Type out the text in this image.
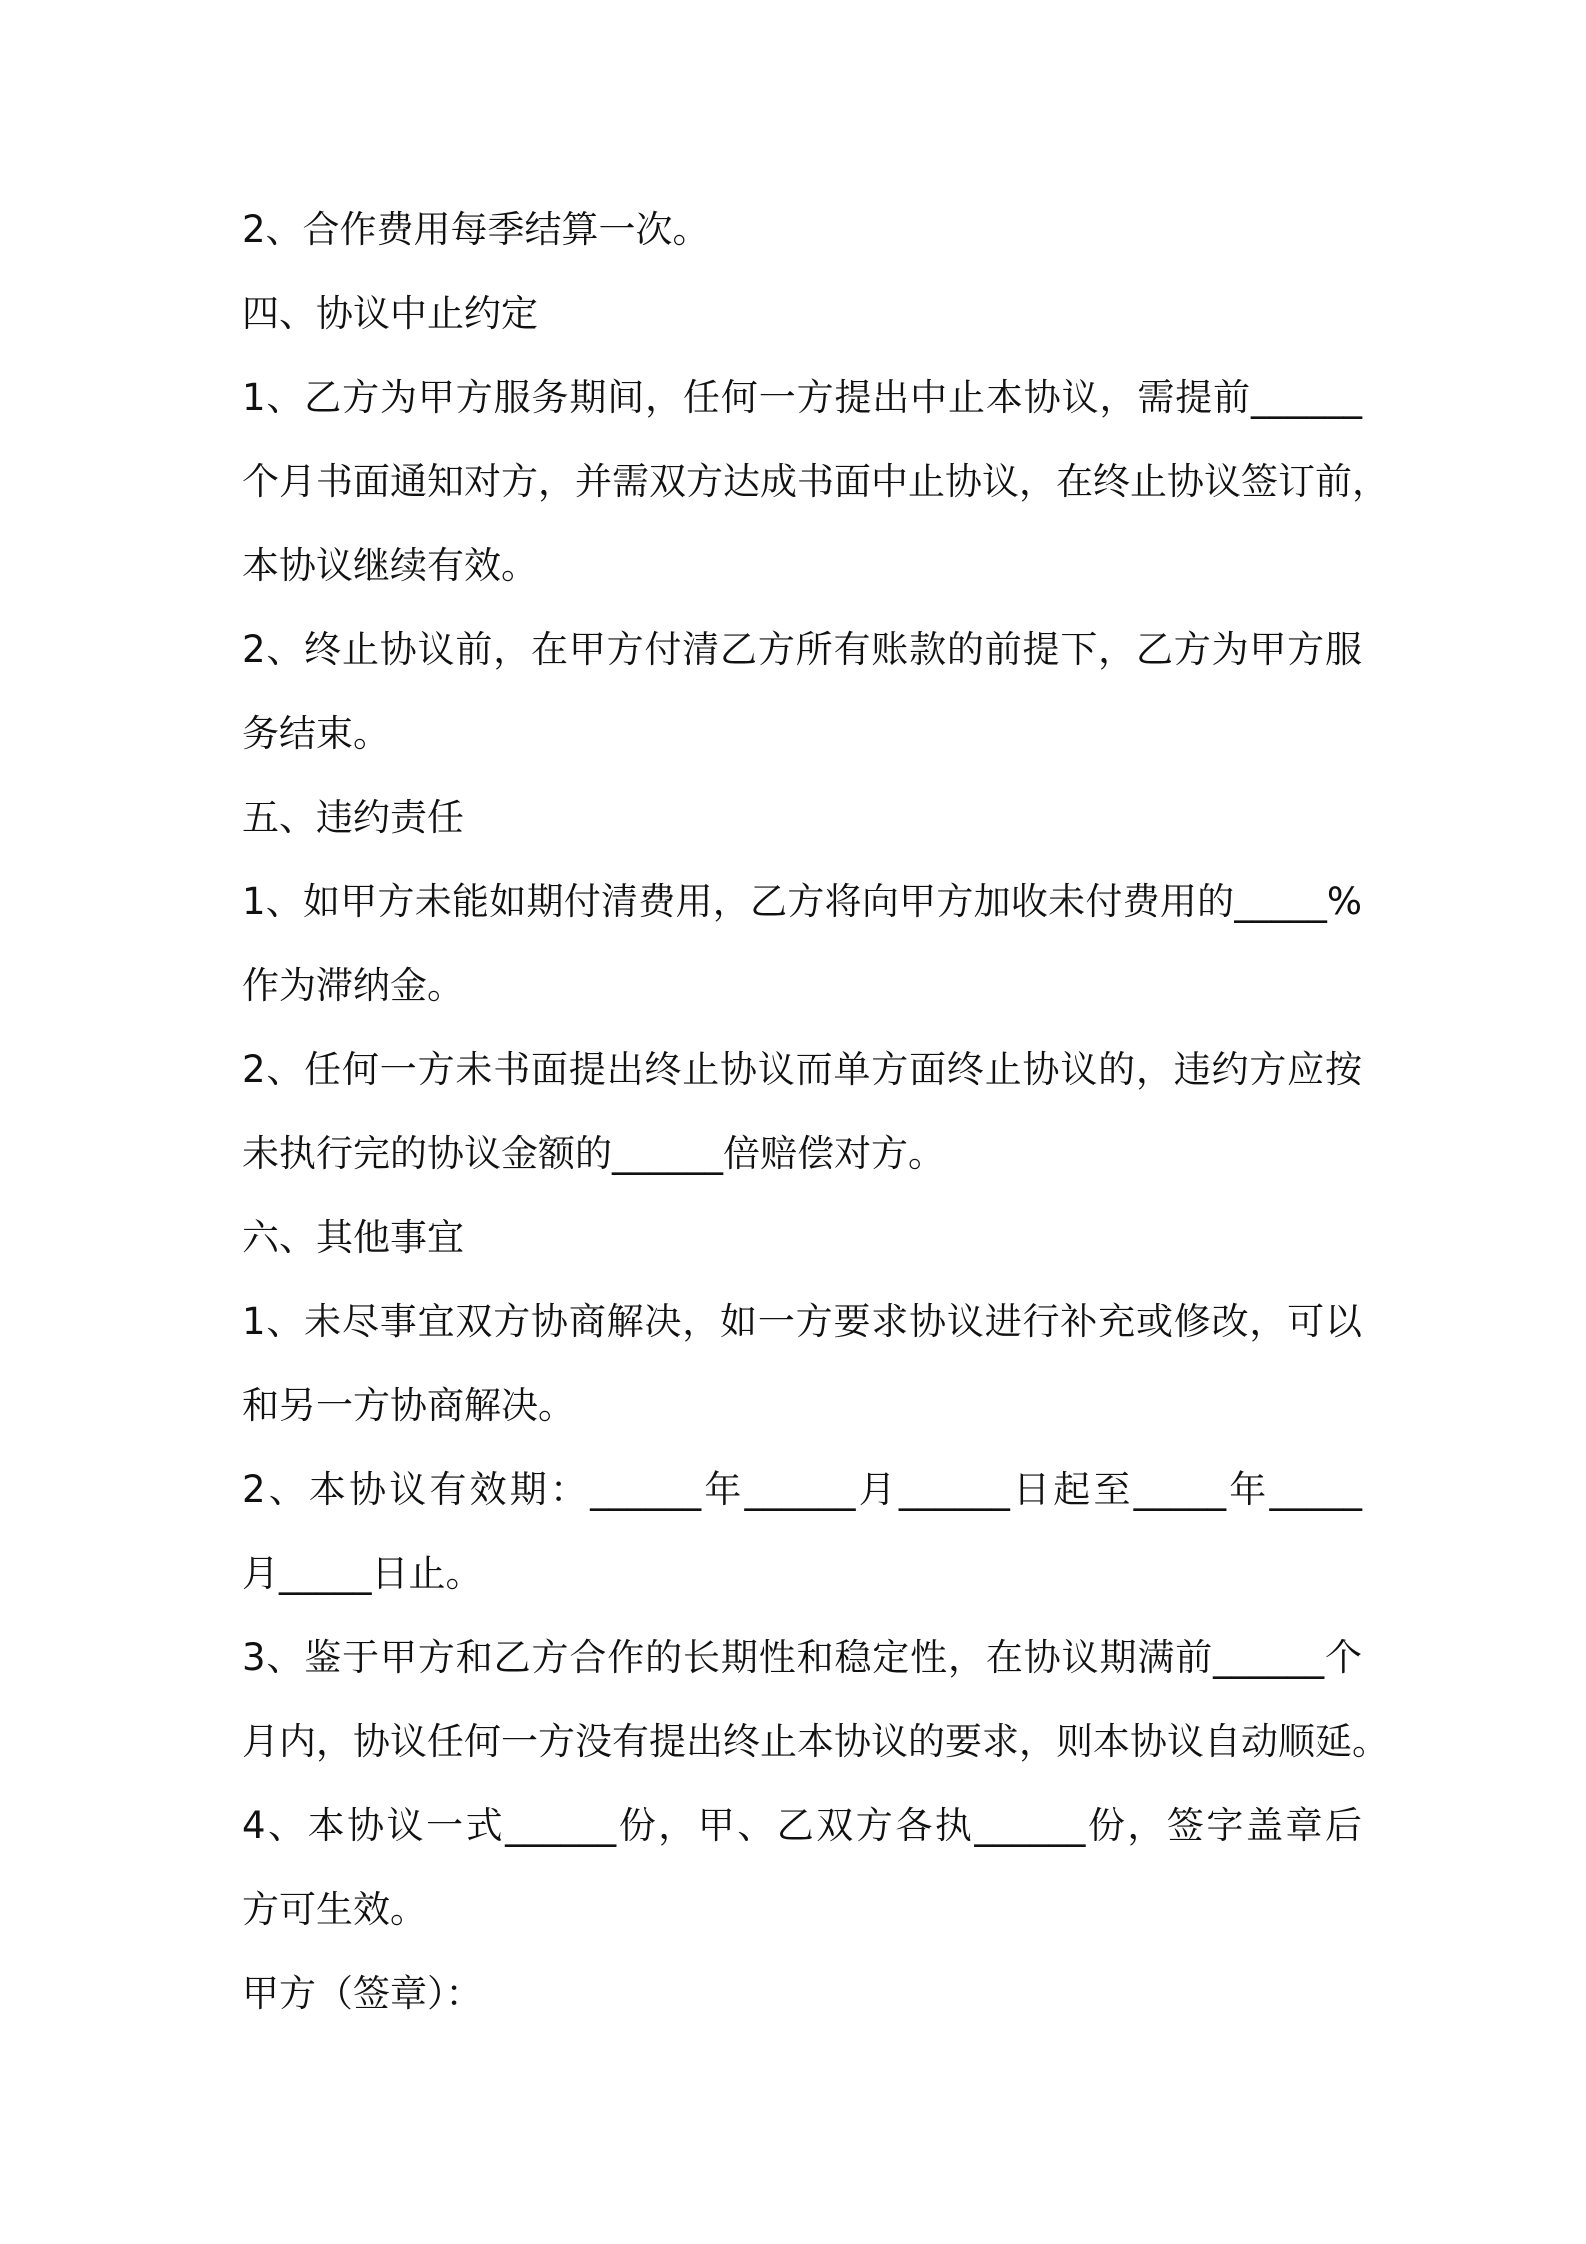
2、合作费用每季结算一次。
四、协议中止约定
1、乙方为甲方服务期间，任何一方提出中止本协议，需提前______
个月书面通知对方，并需双方达成书面中止协议，在终止协议签订前，
本协议继续有效。
2、终止协议前，在甲方付清乙方所有账款的前提下，乙方为甲方服
务结束。
五、违约责任
1、如甲方未能如期付清费用，乙方将向甲方加收未付费用的_____%
作为滞纳金。
2、任何一方未书面提出终止协议而单方面终止协议的，违约方应按
未执行完的协议金额的______倍赔偿对方。
六、其他事宜
1、未尽事宜双方协商解决，如一方要求协议进行补充或修改，可以
和另一方协商解决。
2、本协议有效期：______年______月______日起至_____年_____
月_____日止。
3、鉴于甲方和乙方合作的长期性和稳定性，在协议期满前______个
月内，协议任何一方没有提出终止本协议的要求，则本协议自动顺延。
4、本协议一式______份，甲、乙双方各执______份，签字盖章后
方可生效。
甲方（签章）：
